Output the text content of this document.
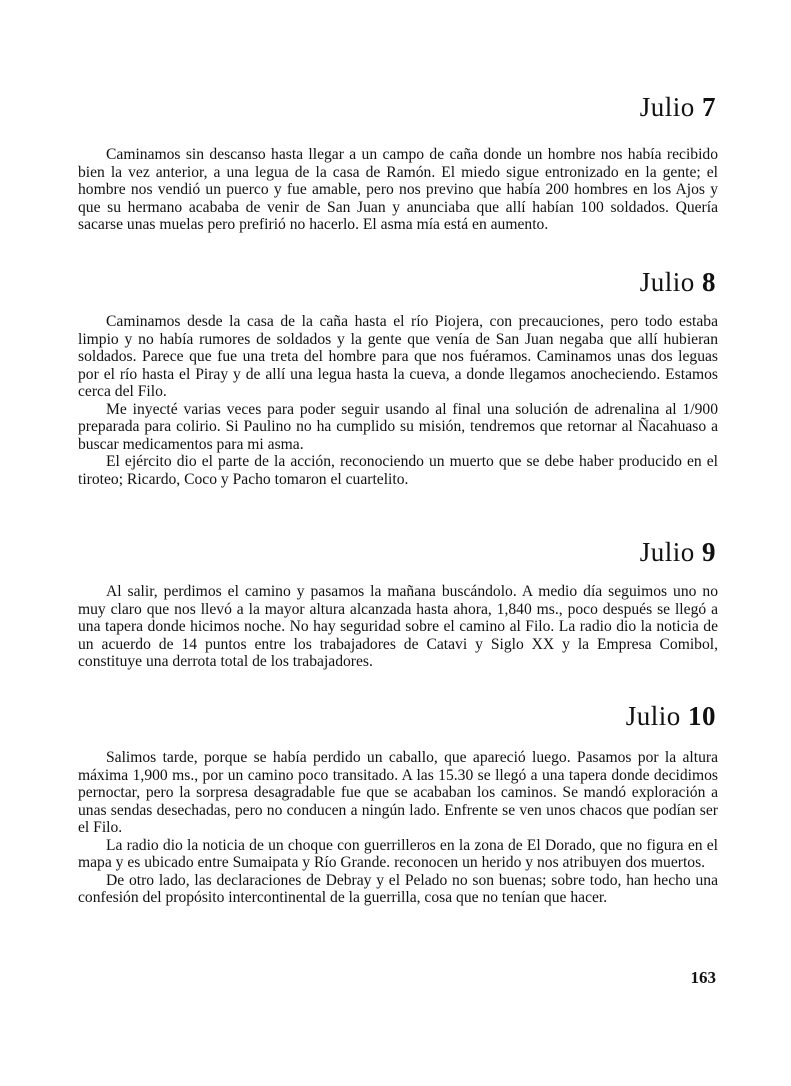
Julio 7

Caminamos sin descanso hasta llegar a un campo de caña donde un hombre nos había recibido bien la vez anterior, a una legua de la casa de Ramón. El miedo sigue entronizado en la gente; el hombre nos vendió un puerco y fue amable, pero nos previno que había 200 hombres en los Ajos y que su hermano acababa de venir de San Juan y anunciaba que allí habían 100 soldados. Quería sacarse unas muelas pero prefirió no hacerlo. El asma mía está en aumento.

Julio 8

Caminamos desde la casa de la caña hasta el río Piojera, con precauciones, pero todo estaba limpio y no había rumores de soldados y la gente que venía de San Juan negaba que allí hubieran soldados. Parece que fue una treta del hombre para que nos fuéramos. Caminamos unas dos leguas por el río hasta el Piray y de allí una legua hasta la cueva, a donde llegamos anocheciendo. Estamos cerca del Filo.

Me inyecté varias veces para poder seguir usando al final una solución de adrenalina al 1/900 preparada para colirio. Si Paulino no ha cumplido su misión, tendremos que retornar al Ñacahuaso a buscar medicamentos para mi asma.

El ejército dio el parte de la acción, reconociendo un muerto que se debe haber producido en el tiroteo; Ricardo, Coco y Pacho tomaron el cuartelito.

Julio 9

Al salir, perdimos el camino y pasamos la mañana buscándolo. A medio día seguimos uno no muy claro que nos llevó a la mayor altura alcanzada hasta ahora, 1,840 ms., poco después se llegó a una tapera donde hicimos noche. No hay seguridad sobre el camino al Filo. La radio dio la noticia de un acuerdo de 14 puntos entre los trabajadores de Catavi y Siglo XX y la Empresa Comibol, constituye una derrota total de los trabajadores.

Julio 10

Salimos tarde, porque se había perdido un caballo, que apareció luego. Pasamos por la altura máxima 1,900 ms., por un camino poco transitado. A las 15.30 se llegó a una tapera donde decidimos pernoctar, pero la sorpresa desagradable fue que se acababan los caminos. Se mandó exploración a unas sendas desechadas, pero no conducen a ningún lado. Enfrente se ven unos chacos que podían ser el Filo.

La radio dio la noticia de un choque con guerrilleros en la zona de El Dorado, que no figura en el mapa y es ubicado entre Sumaipata y Río Grande. reconocen un herido y nos atribuyen dos muertos.

De otro lado, las declaraciones de Debray y el Pelado no son buenas; sobre todo, han hecho una confesión del propósito intercontinental de la guerrilla, cosa que no tenían que hacer.

163
